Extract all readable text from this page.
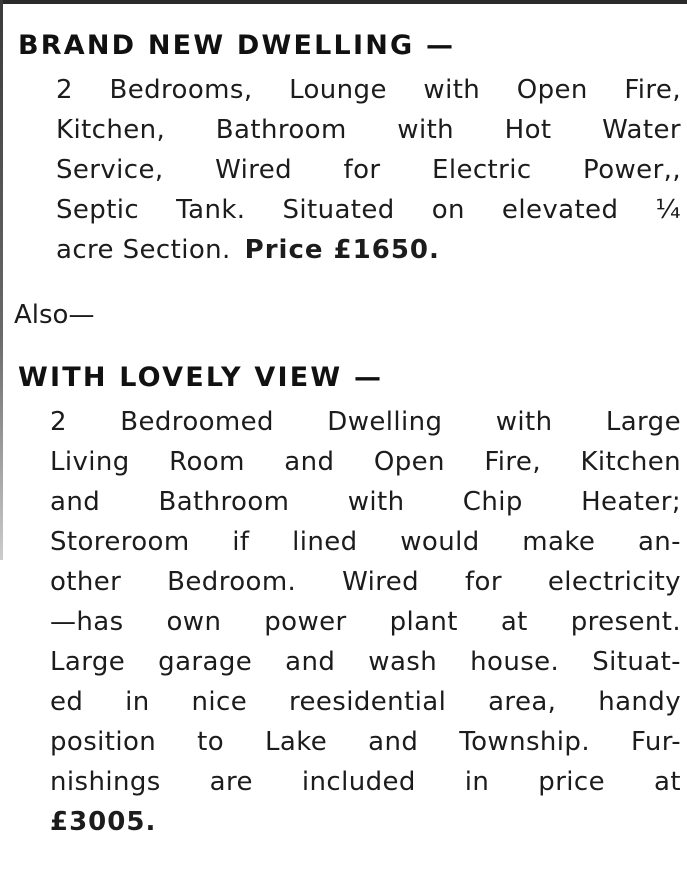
BRAND NEW DWELLING —
2 Bedrooms, Lounge with Open Fire,
Kitchen, Bathroom with Hot Water
Service, Wired for Electric Power,,
Septic Tank. Situated on elevated ¼
acre Section. Price £1650.
Also—
WITH LOVELY VIEW —
2 Bedroomed Dwelling with Large
Living Room and Open Fire, Kitchen
and Bathroom with Chip Heater;
Storeroom if lined would make an-
other Bedroom. Wired for electricity
—has own power plant at present.
Large garage and wash house. Situat-
ed in nice reesidential area, handy
position to Lake and Township. Fur-
nishings are included in price at
£3005.
